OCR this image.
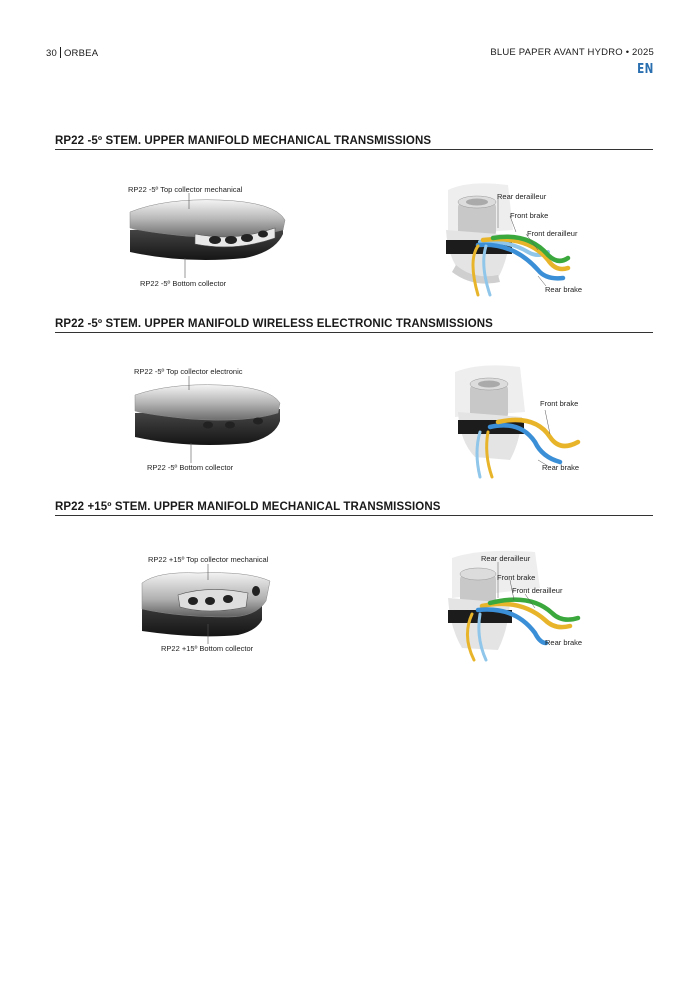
30 ORBEA	BLUE PAPER AVANT HYDRO • 2025
EN
RP22 -5º STEM. UPPER MANIFOLD MECHANICAL TRANSMISSIONS
RP22 -5º Top collector mechanical
RP22 -5º Bottom collector
Rear derailleur
Front brake
Front derailleur
Rear brake
RP22 -5º STEM. UPPER MANIFOLD WIRELESS ELECTRONIC TRANSMISSIONS
RP22 -5º Top collector electronic
RP22 -5º Bottom collector
Front brake
Rear brake
RP22 +15º STEM. UPPER MANIFOLD MECHANICAL TRANSMISSIONS
RP22 +15º Top collector mechanical
RP22 +15º Bottom collector
Rear derailleur
Front brake
Front derailleur
Rear brake
